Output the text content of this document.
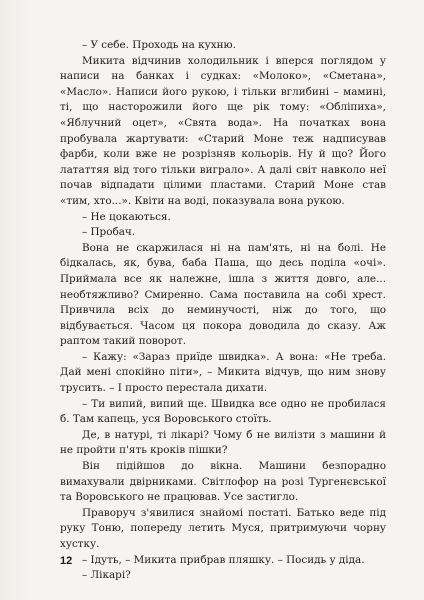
– У себе. Проходь на кухню.

Микита відчинив холодильник і вперся поглядом у написи на банках і судках: «Молоко», «Сметана», «Масло». Написи його рукою, і тільки вглибині – мамині, ті, що насторожили його ще рік тому: «Обліпиха», «Яблучний оцет», «Свята вода». На початках вона пробувала жартувати: «Старий Моне теж надписував фарби, коли вже не розрізняв кольорів. Ну й що? Його лататтяя від того тільки виграло». А далі світ навколо неї почав відпадати цілими пластами. Старий Моне став «тим, хто...». Квіти на воді, показувала вона рукою.

– Не цокаються.

– Пробач.

Вона не скаржилася ні на пам'ять, ні на болі. Не бідкалась, як, бува, баба Паша, що десь поділа «очі». Приймала все як належне, ішла з життя довго, але... необтяжливо? Смиренно. Сама поставила на собі хрест. Привчила всіх до неминучості, ніж до того, що відбувається. Часом ця покора доводила до сказу. Аж раптом такий поворот.

– Кажу: «Зараз приїде швидка». А вона: «Не треба. Дай мені спокійно піти», – Микита відчув, що ним знову трусить. – І просто перестала дихати.

– Ти випий, випий ще. Швидка все одно не пробилася б. Там капець, уся Воровського стоїть.

Де, в натурі, ті лікарі? Чому б не вилізти з машини й не пройти п'ять кроків пішки?

Він підійшов до вікна. Машини безпорадно вимахували двірниками. Світлофор на розі Тургенєвської та Воровського не працював. Усе застигло.

Праворуч з'явилися знайомі постаті. Батько веде під руку Тоню, попереду летить Муся, притримуючи чорну хустку.

– Ідуть, – Микита прибрав пляшку. – Посидь у діда.

– Лікарі?

12
